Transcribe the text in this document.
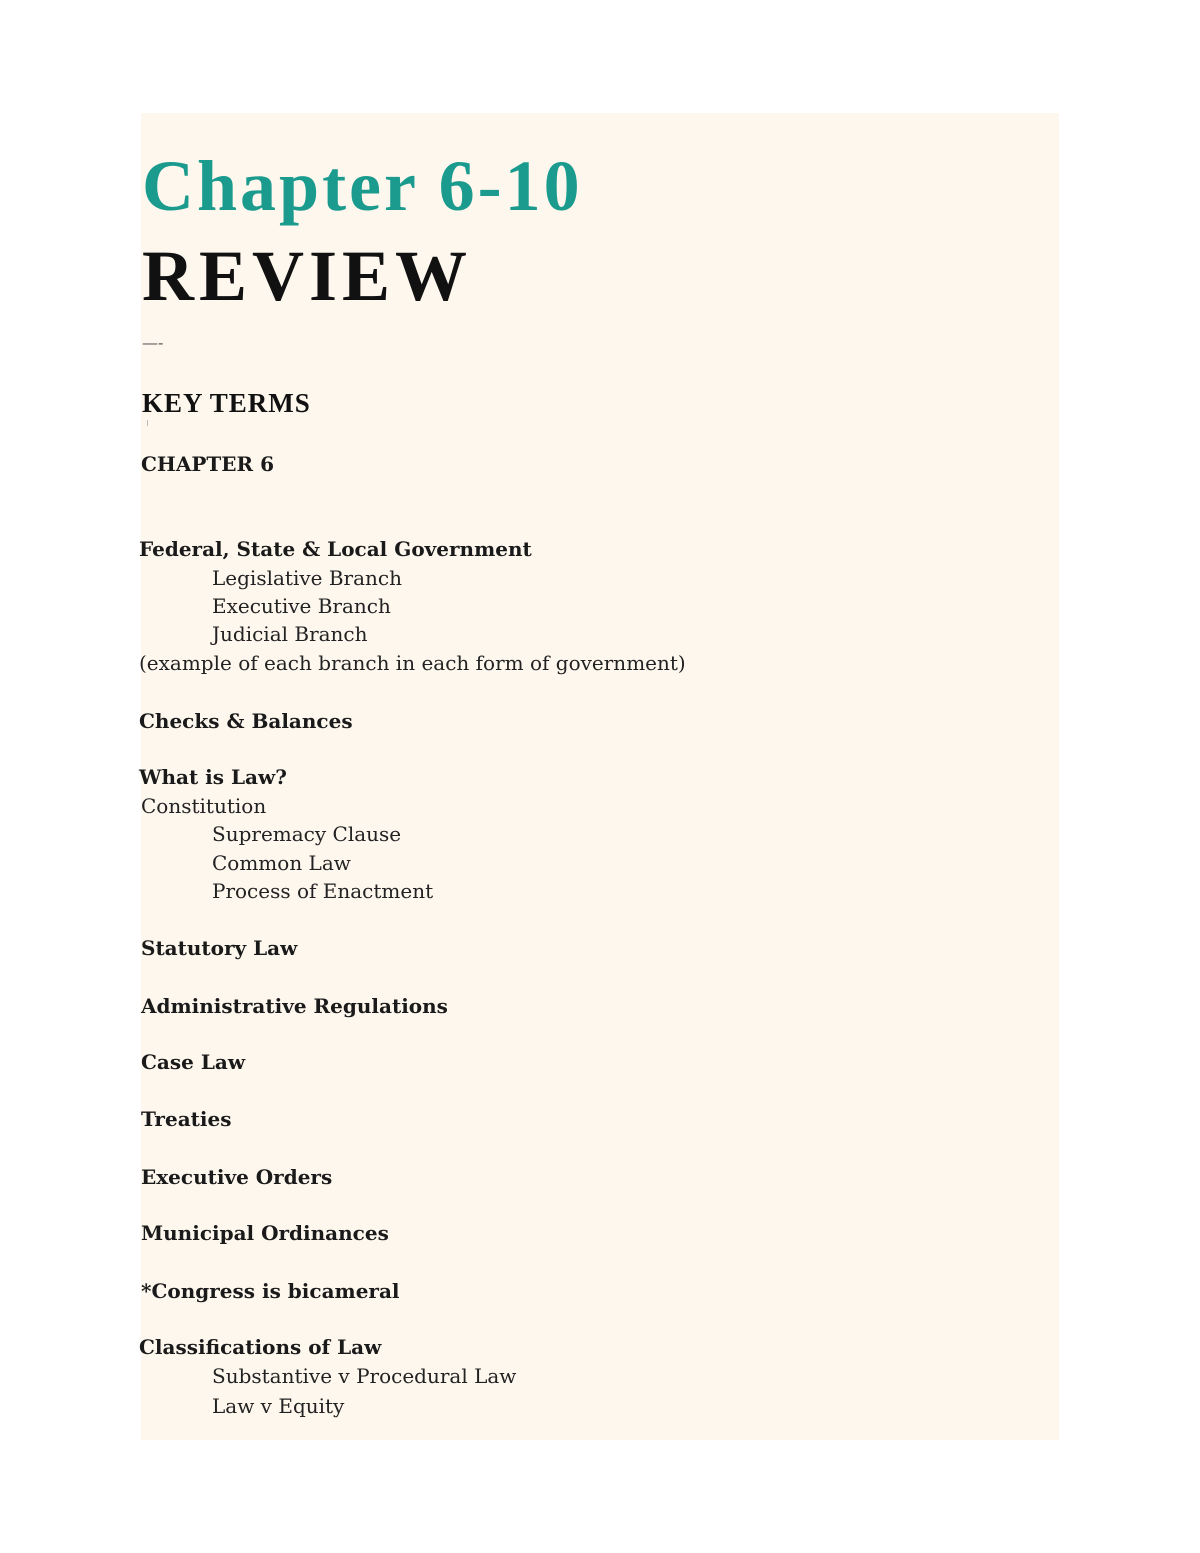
Chapter 6-10
REVIEW
—-
KEY TERMS
CHAPTER 6
Federal, State & Local Government
Legislative Branch
Executive Branch
Judicial Branch
(example of each branch in each form of government)
Checks & Balances
What is Law?
Constitution
Supremacy Clause
Common Law
Process of Enactment
Statutory Law
Administrative Regulations
Case Law
Treaties
Executive Orders
Municipal Ordinances
*Congress is bicameral
Classifications of Law
Substantive v Procedural Law
Law v Equity
